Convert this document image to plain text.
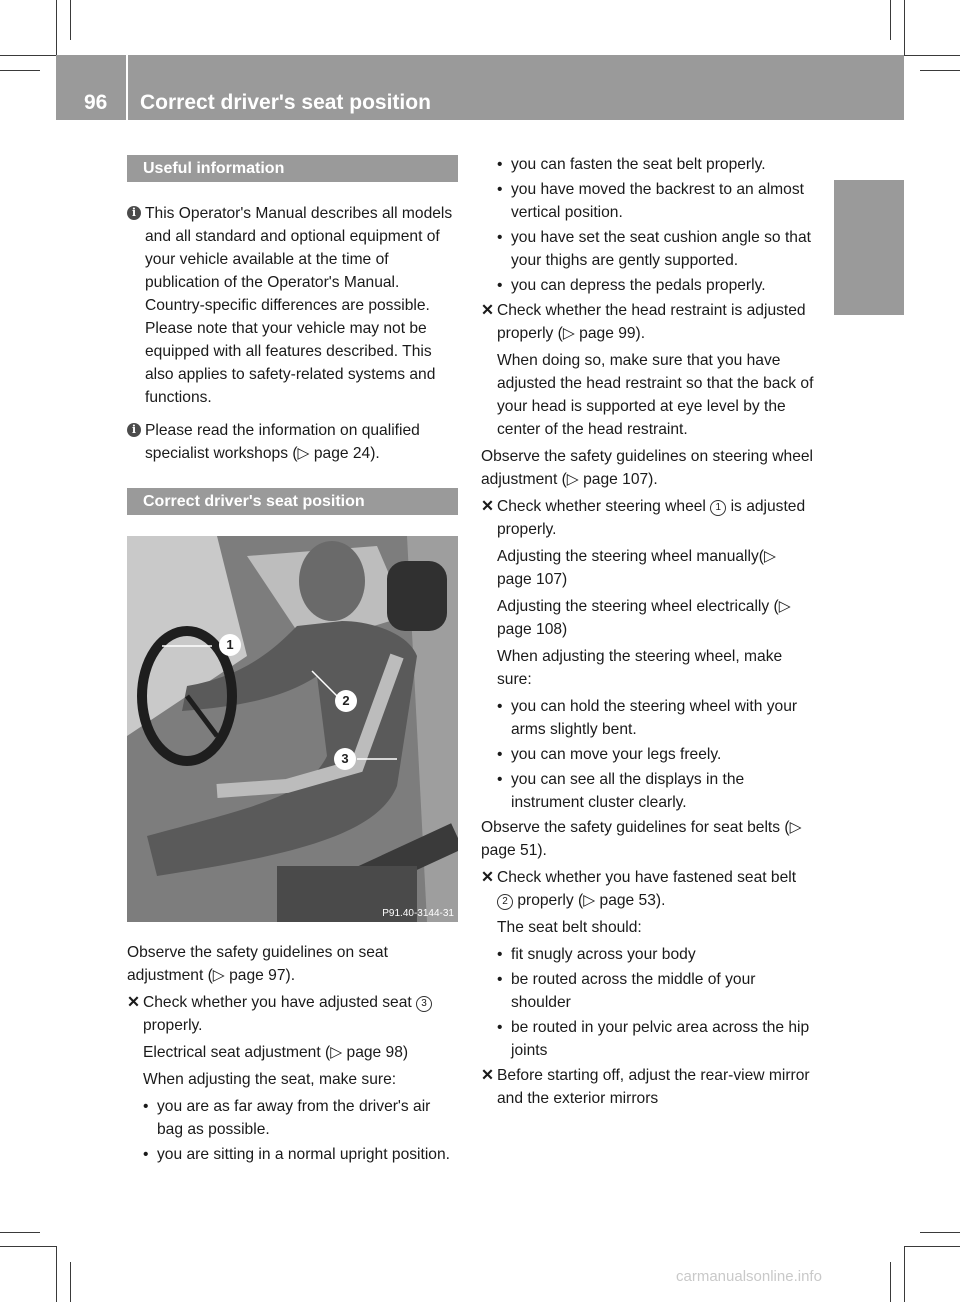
96 Correct driver's seat position
Seats, steering wheel and mirrors
Useful information

i This Operator's Manual describes all models and all standard and optional equipment of your vehicle available at the time of publication of the Operator's Manual. Country-specific differences are possible. Please note that your vehicle may not be equipped with all features described. This also applies to safety-related systems and functions.

i Please read the information on qualified specialist workshops (▷ page 24).

Correct driver's seat position
1
2
3
P91.40-3144-31

Observe the safety guidelines on seat adjustment (▷ page 97).

✕ Check whether you have adjusted seat 3 properly.

Electrical seat adjustment (▷ page 98)

When adjusting the seat, make sure:

• you are as far away from the driver's air bag as possible.
• you are sitting in a normal upright position.
• you can fasten the seat belt properly.
• you have moved the backrest to an almost vertical position.
• you have set the seat cushion angle so that your thighs are gently supported.
• you can depress the pedals properly.
✕ Check whether the head restraint is adjusted properly (▷ page 99).

When doing so, make sure that you have adjusted the head restraint so that the back of your head is supported at eye level by the center of the head restraint.

Observe the safety guidelines on steering wheel adjustment (▷ page 107).

✕ Check whether steering wheel 1 is adjusted properly.

Adjusting the steering wheel manually(▷ page 107)

Adjusting the steering wheel electrically (▷ page 108)

When adjusting the steering wheel, make sure:

• you can hold the steering wheel with your arms slightly bent.
• you can move your legs freely.
• you can see all the displays in the instrument cluster clearly.

Observe the safety guidelines for seat belts (▷ page 51).

✕ Check whether you have fastened seat belt 2 properly (▷ page 53).

The seat belt should:

• fit snugly across your body
• be routed across the middle of your shoulder
• be routed in your pelvic area across the hip joints
✕ Before starting off, adjust the rear-view mirror and the exterior mirrors
carmanualsonline.info
